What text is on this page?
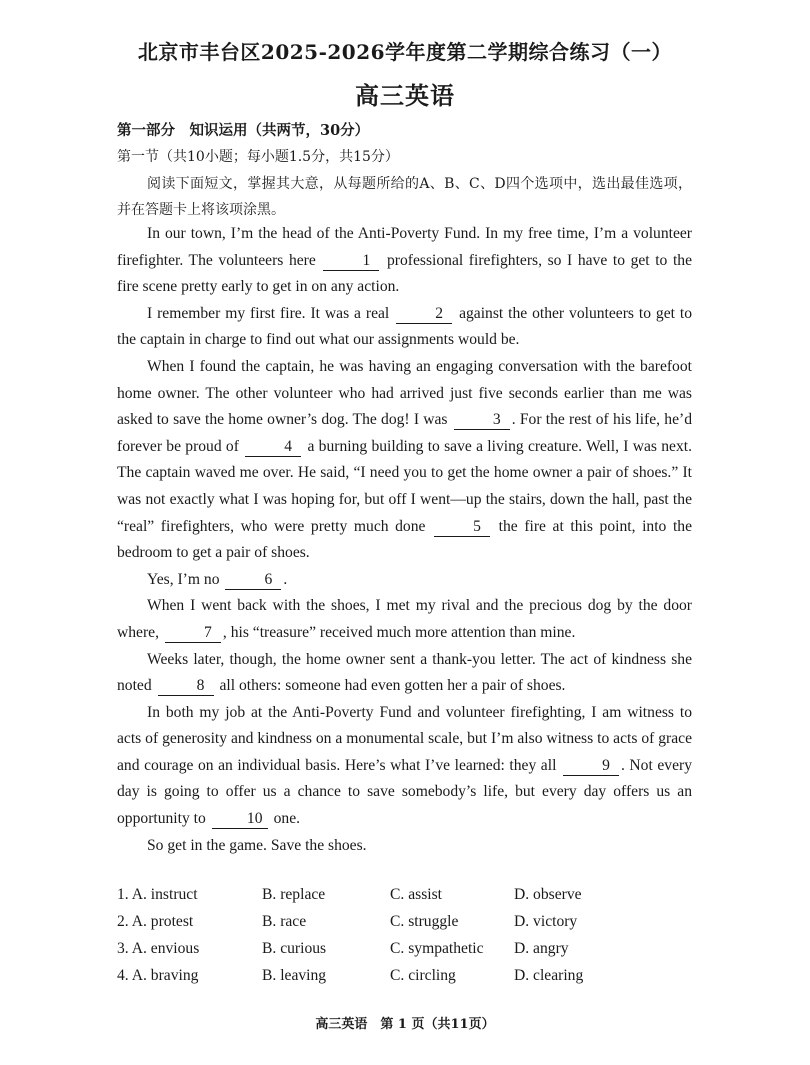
北京市丰台区2025-2026学年度第二学期综合练习（一）
高三英语
第一部分　知识运用（共两节，30分）
第一节（共10小题；每小题1.5分，共15分）
阅读下面短文，掌握其大意，从每题所给的A、B、C、D四个选项中，选出最佳选项，并在答题卡上将该项涂黑。

In our town, I’m the head of the Anti-Poverty Fund. In my free time, I’m a volunteer firefighter. The volunteers here	1 professional firefighters, so I have to get to the fire scene pretty early to get in on any action.

I remember my first fire. It was a real	2 against the other volunteers to get to the captain in charge to find out what our assignments would be.

When I found the captain, he was having an engaging conversation with the barefoot home owner. The other volunteer who had arrived just five seconds earlier than me was asked to save the home owner’s dog. The dog! I was	3 . For the rest of his life, he’d forever be proud of	4 a burning building to save a living creature. Well, I was next. The captain waved me over. He said, “I need you to get the home owner a pair of shoes.” It was not exactly what I was hoping for, but off I went—up the stairs, down the hall, past the “real” firefighters, who were pretty much done	5 the fire at this point, into the bedroom to get a pair of shoes.

Yes, I’m no	6 .

When I went back with the shoes, I met my rival and the precious dog by the door where,	7 , his “treasure” received much more attention than mine.

Weeks later, though, the home owner sent a thank-you letter. The act of kindness she noted	8 all others: someone had even gotten her a pair of shoes.

In both my job at the Anti-Poverty Fund and volunteer firefighting, I am witness to acts of generosity and kindness on a monumental scale, but I’m also witness to acts of grace and courage on an individual basis. Here’s what I’ve learned: they all	9 . Not every day is going to offer us a chance to save somebody’s life, but every day offers us an opportunity to	10 one.

So get in the game. Save the shoes.

1. A. instruct	B. replace	C. assist	D. observe
2. A. protest	B. race	C. struggle	D. victory
3. A. envious	B. curious	C. sympathetic D. angry
4. A. braving	B. leaving	C. circling	D. clearing
高三英语　第 1 页（共11页）
